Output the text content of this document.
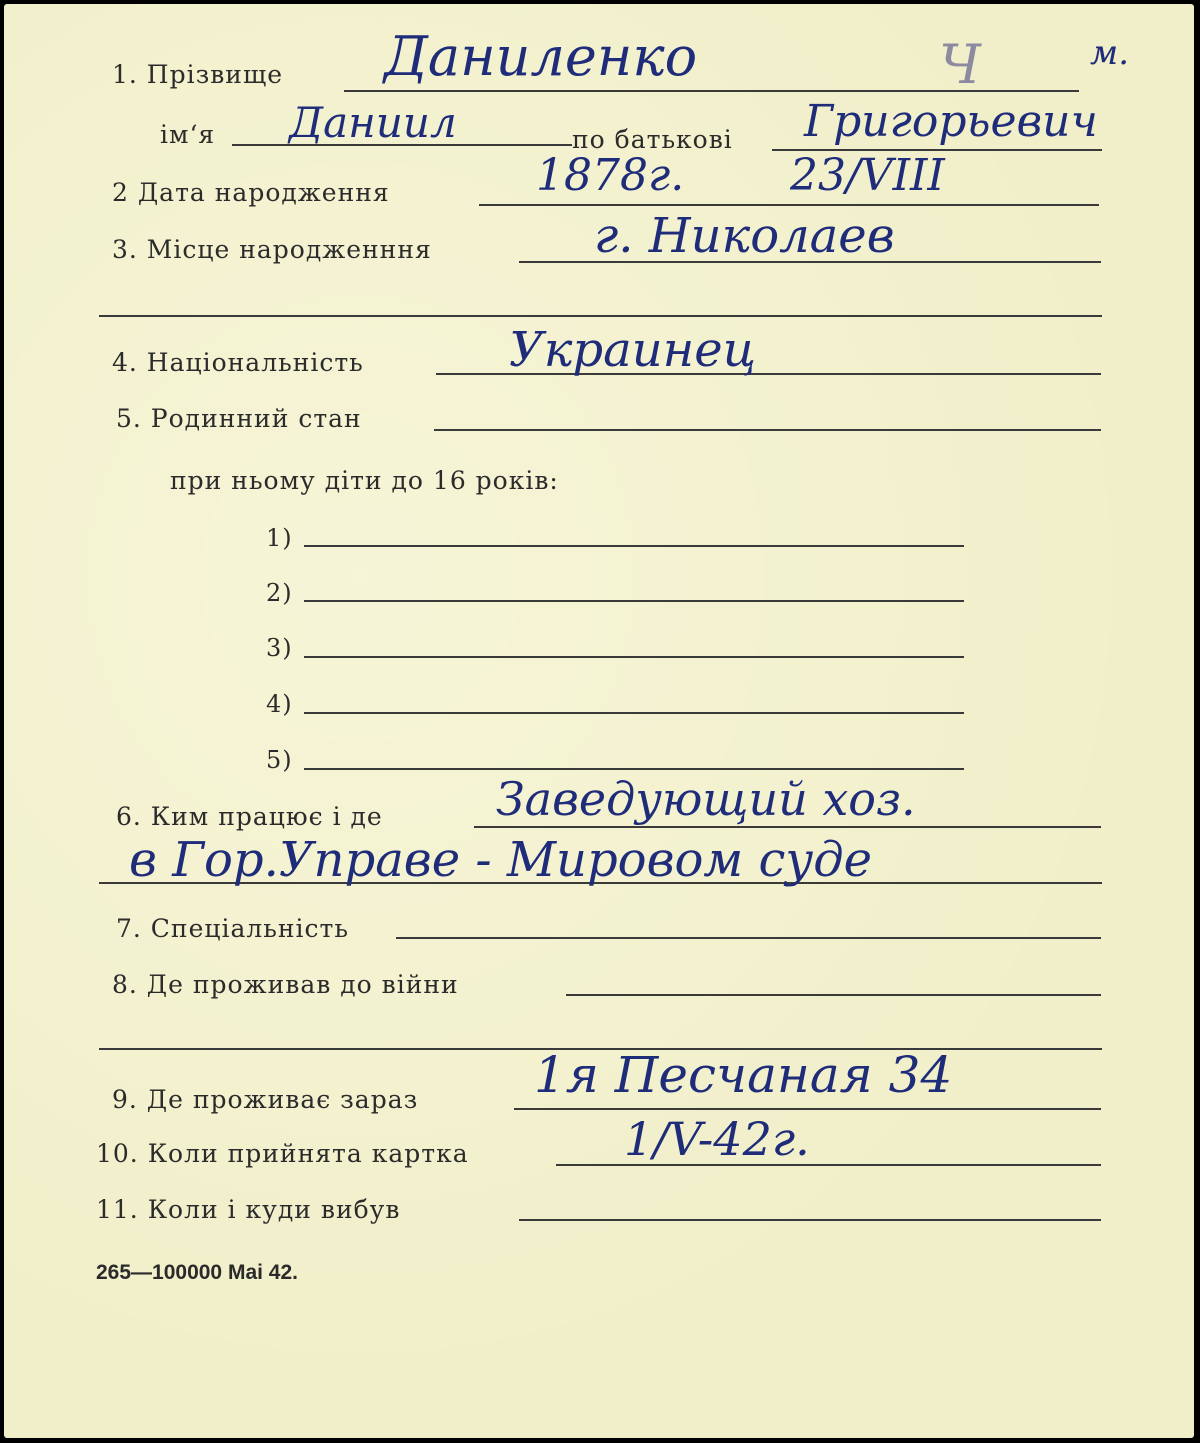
1. Прізвище Даниленко	Ч	м.
ім‘я Даниил	по батькові Григорьевич
2 Дата народження	1878г. 23/VIII
3. Місце народженння	г. Николаев
4. Національність	Украинец
5. Родинний стан
при ньому діти до 16 років:
1)
2)
3)
4)
5)
6. Ким працює і де Заведующий хоз.
в Гор.Управе - Мировом суде
7. Спеціальність
8. Де проживав до війни
9. Де проживає зараз 1я Песчаная 34
10. Коли прийнята картка	1/V-42г.
11. Коли і куди вибув
265—100000 Mai 42.
